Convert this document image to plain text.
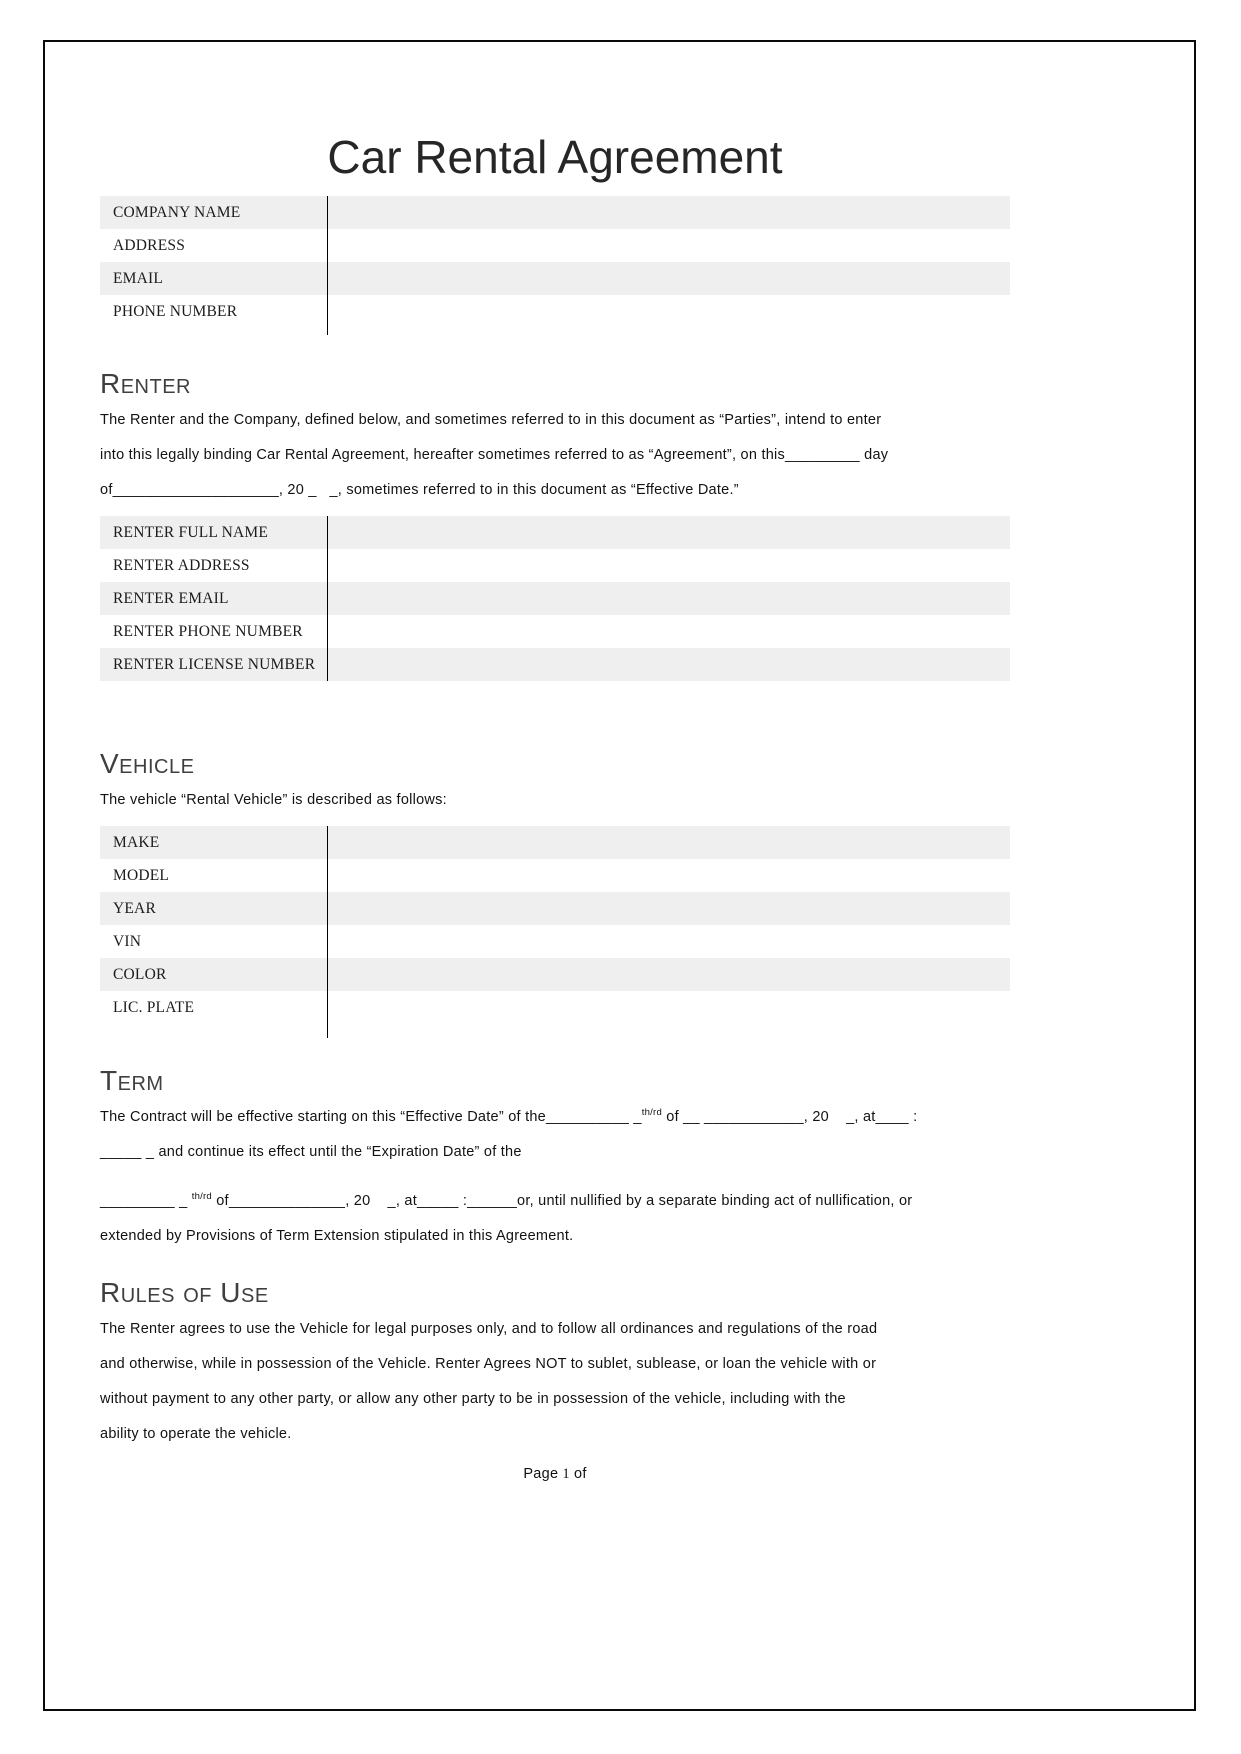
Car Rental Agreement
COMPANY NAME
ADDRESS
EMAIL
PHONE NUMBER
Renter

The Renter and the Company, defined below, and sometimes referred to in this document as “Parties”, intend to enter
into this legally binding Car Rental Agreement, hereafter sometimes referred to as “Agreement”, on this_________ day
of____________________, 20 _   _, sometimes referred to in this document as “Effective Date.”

RENTER FULL NAME
RENTER ADDRESS
RENTER EMAIL
RENTER PHONE NUMBER
RENTER LICENSE NUMBER
Vehicle

The vehicle “Rental Vehicle” is described as follows:

MAKE
MODEL
YEAR
VIN
COLOR
LIC. PLATE
Term

The Contract will be effective starting on this “Effective Date” of the__________ _$^{th/rd}$ of __ ____________, 20    _, at____ :
_____ _ and continue its effect until the “Expiration Date” of the

_________ _ $^{th/rd}$ of______________, 20    _, at_____ :______or, until nullified by a separate binding act of nullification, or
extended by Provisions of Term Extension stipulated in this Agreement.

Rules of Use

The Renter agrees to use the Vehicle for legal purposes only, and to follow all ordinances and regulations of the road
and otherwise, while in possession of the Vehicle. Renter Agrees NOT to sublet, sublease, or loan the vehicle with or
without payment to any other party, or allow any other party to be in possession of the vehicle, including with the
ability to operate the vehicle.

Page 1 of
